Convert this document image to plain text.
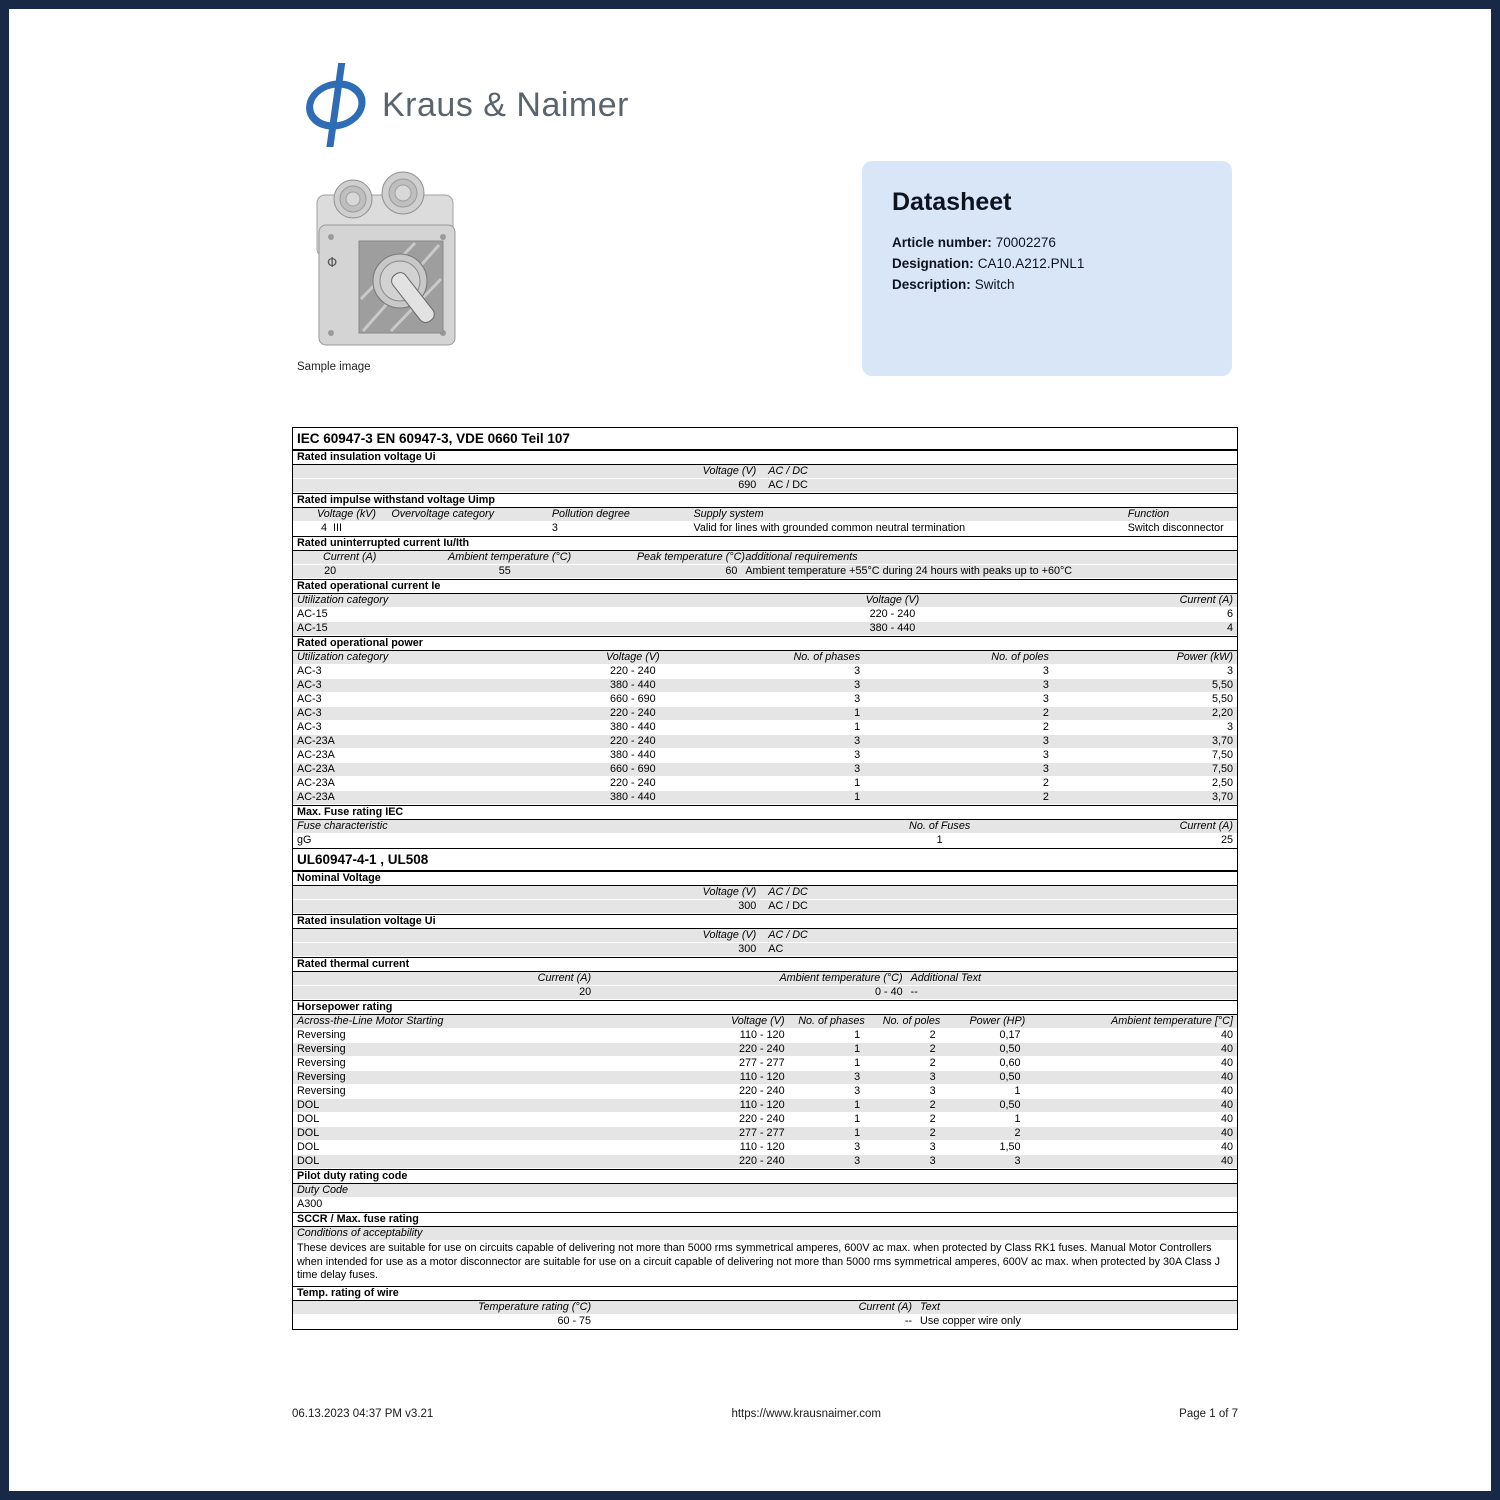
Kraus & Naimer
Φ
Sample image
Datasheet
Article number: 70002276
Designation: CA10.A212.PNL1
Description: Switch
IEC 60947-3 EN 60947-3, VDE 0660 Teil 107
Rated insulation voltage Ui
Voltage (V)	AC / DC
690	AC / DC
Rated impulse withstand voltage Uimp
Voltage (kV)	Overvoltage category	Pollution degree	Supply system	Function
4  III	3	Valid for lines with grounded common neutral termination	Switch disconnector
Rated uninterrupted current Iu/Ith
Current (A)	Ambient temperature (°C)	Peak temperature (°C) additional requirements
20	55	60 Ambient temperature +55°C during 24 hours with peaks up to +60°C
Rated operational current Ie
Utilization category	Voltage (V)	Current (A)
AC-15	220 - 240	6
AC-15	380 - 440	4
Rated operational power
Utilization category	Voltage (V)	No. of phases	No. of poles	Power (kW)
AC-3	220 - 240	3	3	3
AC-3	380 - 440	3	3	5,50
AC-3	660 - 690	3	3	5,50
AC-3	220 - 240	1	2	2,20
AC-3	380 - 440	1	2	3
AC-23A	220 - 240	3	3	3,70
AC-23A	380 - 440	3	3	7,50
AC-23A	660 - 690	3	3	7,50
AC-23A	220 - 240	1	2	2,50
AC-23A	380 - 440	1	2	3,70
Max. Fuse rating IEC
Fuse characteristic	No. of Fuses	Current (A)
gG	1	25
UL60947-4-1 , UL508
Nominal Voltage
Voltage (V)	AC / DC
300	AC / DC
Rated insulation voltage Ui
Voltage (V)	AC / DC
300	AC
Rated thermal current
Current (A)	Ambient temperature (°C) Additional Text
20	0 - 40 --
Horsepower rating
Across-the-Line Motor Starting	Voltage (V)	No. of phases	No. of poles	Power (HP)	Ambient temperature [°C]
Reversing	110 - 120	1	2	0,17	40
Reversing	220 - 240	1	2	0,50	40
Reversing	277 - 277	1	2	0,60	40
Reversing	110 - 120	3	3	0,50	40
Reversing	220 - 240	3	3	1	40
DOL	110 - 120	1	2	0,50	40
DOL	220 - 240	1	2	1	40
DOL	277 - 277	1	2	2	40
DOL	110 - 120	3	3	1,50	40
DOL	220 - 240	3	3	3	40
Pilot duty rating code
Duty Code
A300
SCCR / Max. fuse rating
Conditions of acceptability
These devices are suitable for use on circuits capable of delivering not more than 5000 rms symmetrical amperes, 600V ac max. when protected by Class RK1 fuses. Manual Motor Controllers when intended for use as a motor disconnector are suitable for use on a circuit capable of delivering not more than 5000 rms symmetrical amperes, 600V ac max. when protected by 30A Class J time delay fuses.
Temp. rating of wire
Temperature rating (°C)	Current (A) Text
60 - 75	-- Use copper wire only
06.13.2023 04:37 PM v3.21	https://www.krausnaimer.com	Page 1 of 7
